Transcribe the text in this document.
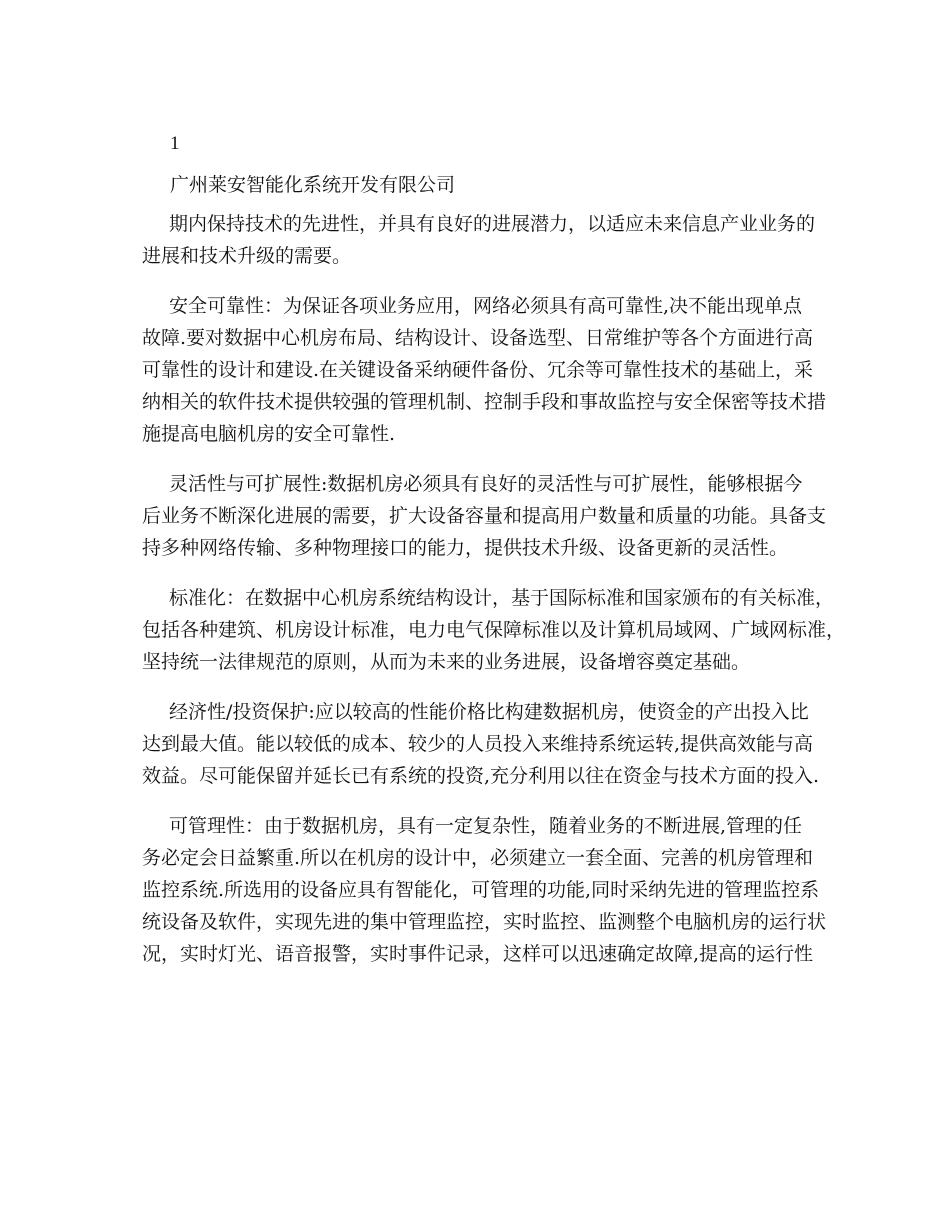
1
广州莱安智能化系统开发有限公司
期内保持技术的先进性，并具有良好的进展潜力，以适应未来信息产业业务的
进展和技术升级的需要。
安全可靠性：为保证各项业务应用，网络必须具有高可靠性,决不能出现单点
故障.要对数据中心机房布局、结构设计、设备选型、日常维护等各个方面进行高
可靠性的设计和建设.在关键设备采纳硬件备份、冗余等可靠性技术的基础上，采
纳相关的软件技术提供较强的管理机制、控制手段和事故监控与安全保密等技术措
施提高电脑机房的安全可靠性.
灵活性与可扩展性:数据机房必须具有良好的灵活性与可扩展性，能够根据今
后业务不断深化进展的需要，扩大设备容量和提高用户数量和质量的功能。具备支
持多种网络传输、多种物理接口的能力，提供技术升级、设备更新的灵活性。
标准化：在数据中心机房系统结构设计，基于国际标准和国家颁布的有关标准，
包括各种建筑、机房设计标准，电力电气保障标准以及计算机局域网、广域网标准，
坚持统一法律规范的原则，从而为未来的业务进展，设备增容奠定基础。
经济性/投资保护:应以较高的性能价格比构建数据机房，使资金的产出投入比
达到最大值。能以较低的成本、较少的人员投入来维持系统运转,提供高效能与高
效益。尽可能保留并延长已有系统的投资,充分利用以往在资金与技术方面的投入.
可管理性：由于数据机房，具有一定复杂性，随着业务的不断进展,管理的任
务必定会日益繁重.所以在机房的设计中，必须建立一套全面、完善的机房管理和
监控系统.所选用的设备应具有智能化，可管理的功能,同时采纳先进的管理监控系
统设备及软件，实现先进的集中管理监控，实时监控、监测整个电脑机房的运行状
况，实时灯光、语音报警，实时事件记录，这样可以迅速确定故障,提高的运行性
